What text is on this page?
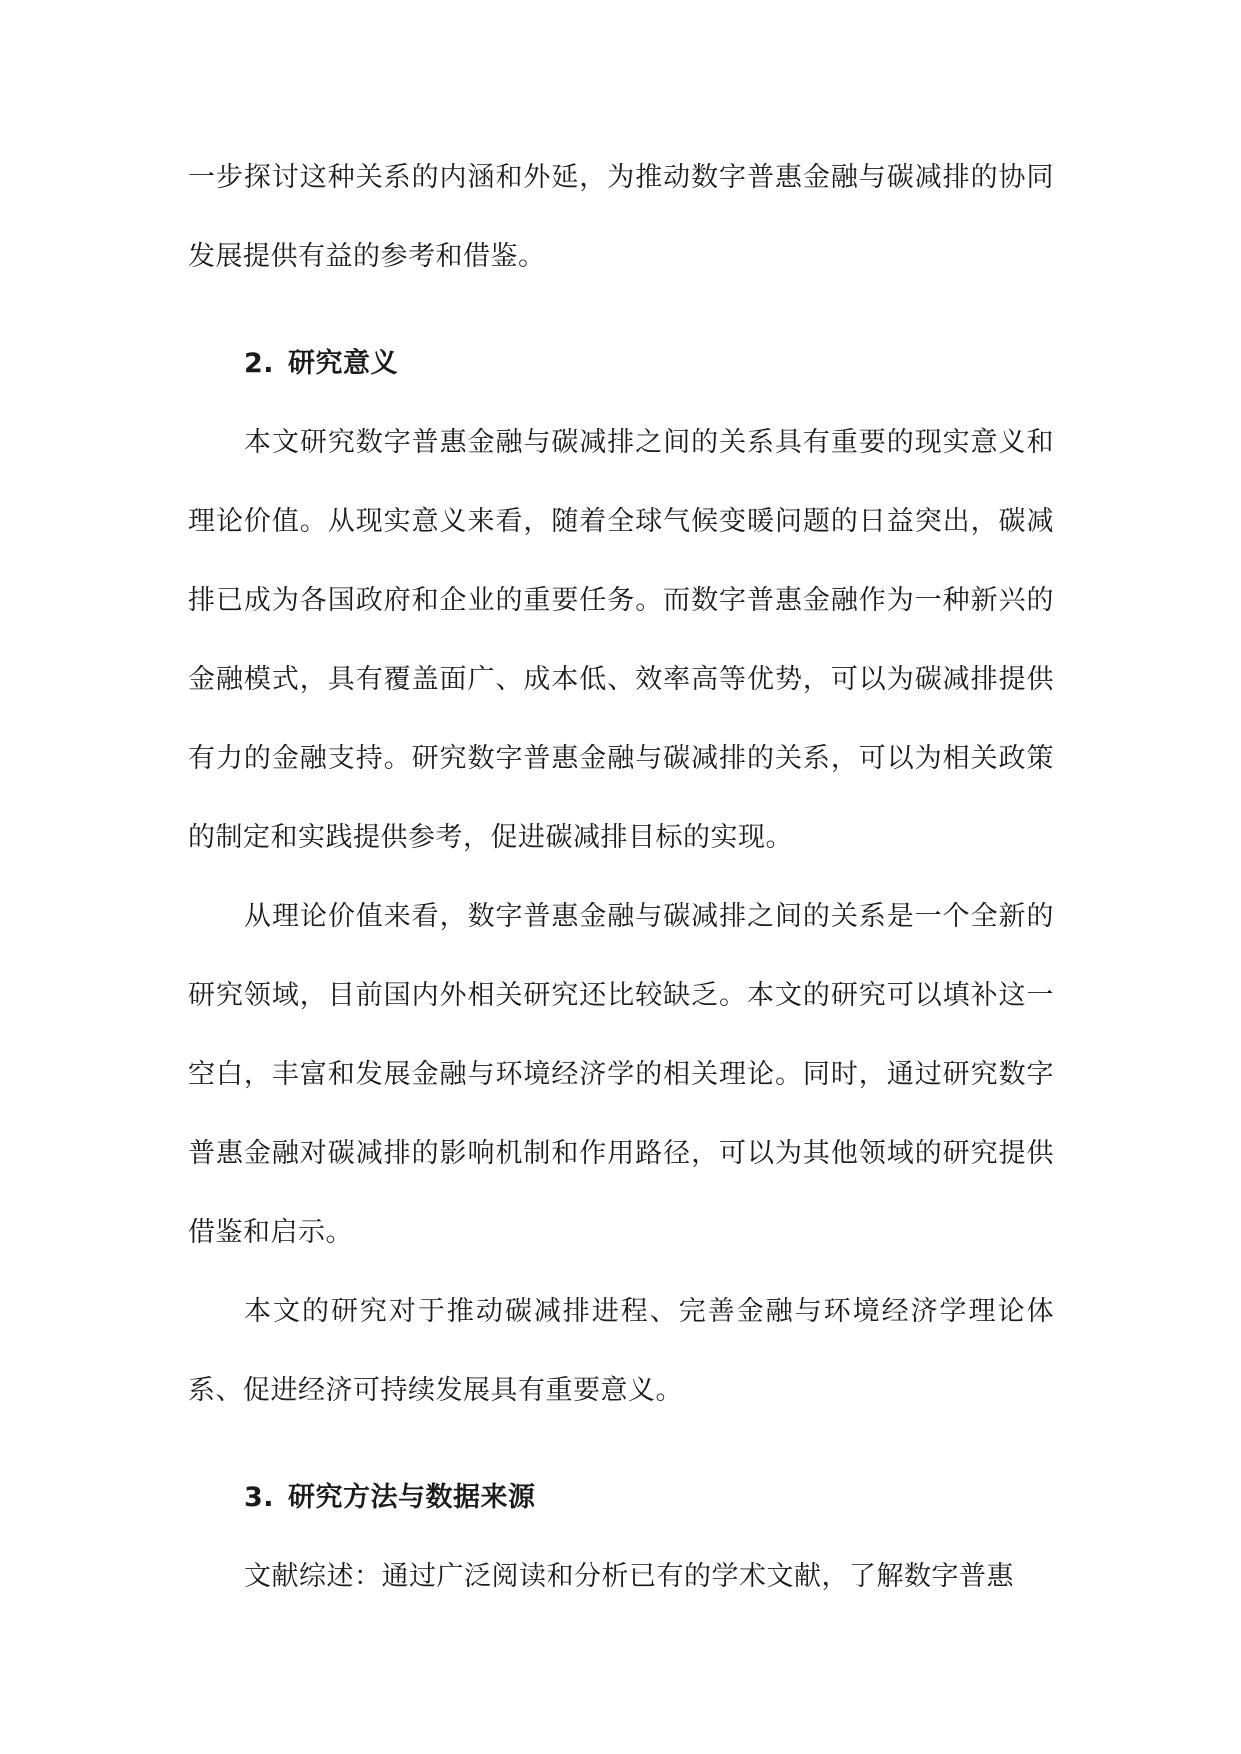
一步探讨这种关系的内涵和外延，为推动数字普惠金融与碳减排的协同发展提供有益的参考和借鉴。

2. 研究意义

本文研究数字普惠金融与碳减排之间的关系具有重要的现实意义和理论价值。从现实意义来看，随着全球气候变暖问题的日益突出，碳减排已成为各国政府和企业的重要任务。而数字普惠金融作为一种新兴的金融模式，具有覆盖面广、成本低、效率高等优势，可以为碳减排提供有力的金融支持。研究数字普惠金融与碳减排的关系，可以为相关政策的制定和实践提供参考，促进碳减排目标的实现。

从理论价值来看，数字普惠金融与碳减排之间的关系是一个全新的研究领域，目前国内外相关研究还比较缺乏。本文的研究可以填补这一空白，丰富和发展金融与环境经济学的相关理论。同时，通过研究数字普惠金融对碳减排的影响机制和作用路径，可以为其他领域的研究提供借鉴和启示。

本文的研究对于推动碳减排进程、完善金融与环境经济学理论体系、促进经济可持续发展具有重要意义。

3. 研究方法与数据来源

文献综述：通过广泛阅读和分析已有的学术文献，了解数字普惠
